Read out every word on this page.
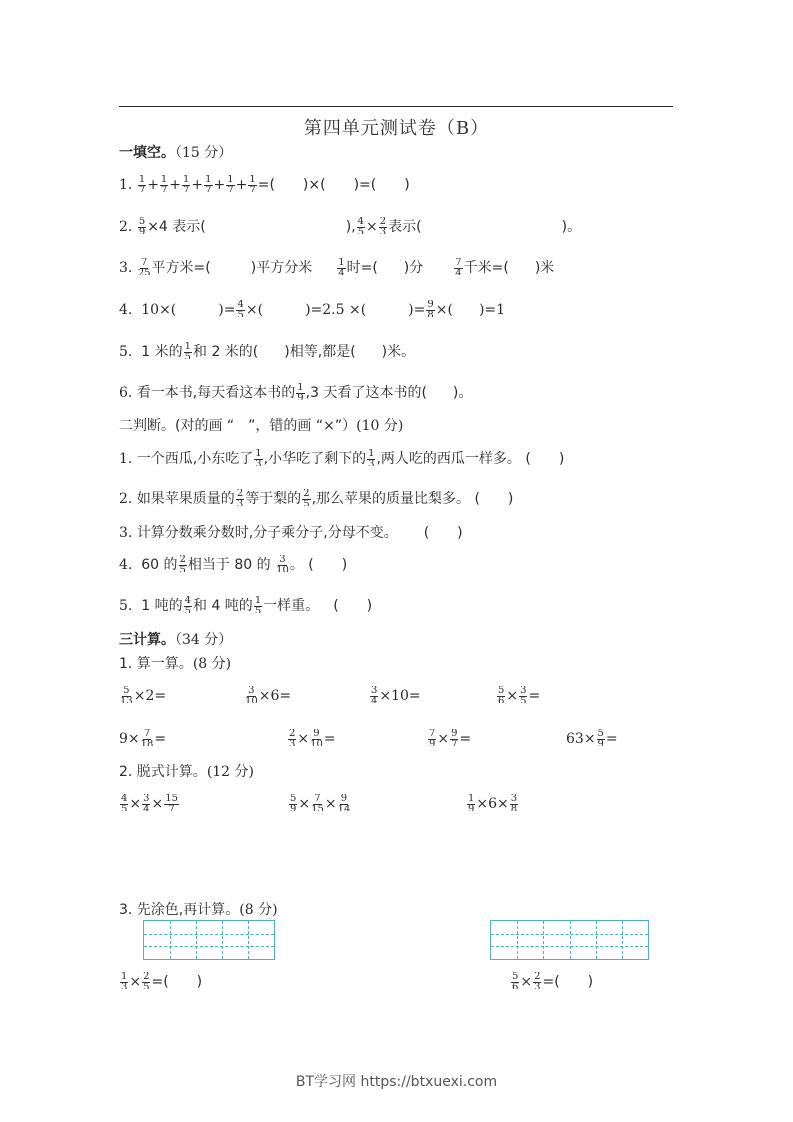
第四单元测试卷（B）
一填空。（15 分）
1. $\frac{1}{7} + \frac{1}{7} + \frac{1}{7} + \frac{1}{7} + \frac{1}{7} + \frac{1}{7}$ =(　　)×(　　)=(　　)
2. $\frac{5}{9} \times 4$ 表示(	), $\frac{4}{5} \times \frac{2}{3}$ 表示(	)。
3. $\frac{7}{25}$ 平方米=(	)平方分米	$\frac{1}{4}$ 时=( )分	$\frac{7}{4}$ 千米=( )米
4. 10×(	)= $\frac{4}{5}$ ×(	)=2.5 ×(	)= $\frac{9}{8}$ ×( )=1
5. 1 米的 $\frac{1}{5}$ 和 2 米的( )相等,都是( )米。
6. 看一本书,每天看这本书的 $\frac{1}{9} ,3$ 天看了这本书的( )。
二判断。(对的画 “　”，错的画 “×”）(10 分)
1. 一个西瓜,小东吃了 $\frac{1}{3}$ ,小华吃了剩下的 $\frac{1}{3}$ ,两人吃的西瓜一样多。 (　　)
2. 如果苹果质量的 $\frac{2}{3}$ 等于梨的 $\frac{2}{5}$ ,那么苹果的质量比梨多。 (　　)
3. 计算分数乘分数时,分子乘分子,分母不变。 (　　)
4. 60 的 $\frac{2}{5}$ 相当于 80 的 $\frac{3}{10}$ 。 (　　)
5. 1 吨的 $\frac{4}{5}$ 和 4 吨的 $\frac{1}{5}$ 一样重。 (　　)
三计算。（34 分）
1. 算一算。(8 分)
$\frac{5}{13} \times 2=$	$\frac{3}{10} \times 6=$	$\frac{3}{4} \times 10=$	$\frac{5}{6} \times \frac{3}{5}$ =
$9\times \frac{7}{18}$ =	$\frac{2}{3} \times \frac{9}{10}$ =	$\frac{7}{9} \times \frac{9}{7}$ =	$63\times \frac{5}{9}$ =
2. 脱式计算。(12 分)
$\frac{4}{5} \times \frac{3}{4} \times \frac{15}{7}$	$\frac{5}{9} \times \frac{7}{15} \times \frac{9}{14}$	$\frac{1}{9} \times 6\times \frac{3}{8}$
3. 先涂色,再计算。(8 分)
$\frac{1}{3} \times \frac{2}{5}$ =(　　)	$\frac{5}{6} \times \frac{2}{3}$ =(　　)
BT学习网 https://btxuexi.com
